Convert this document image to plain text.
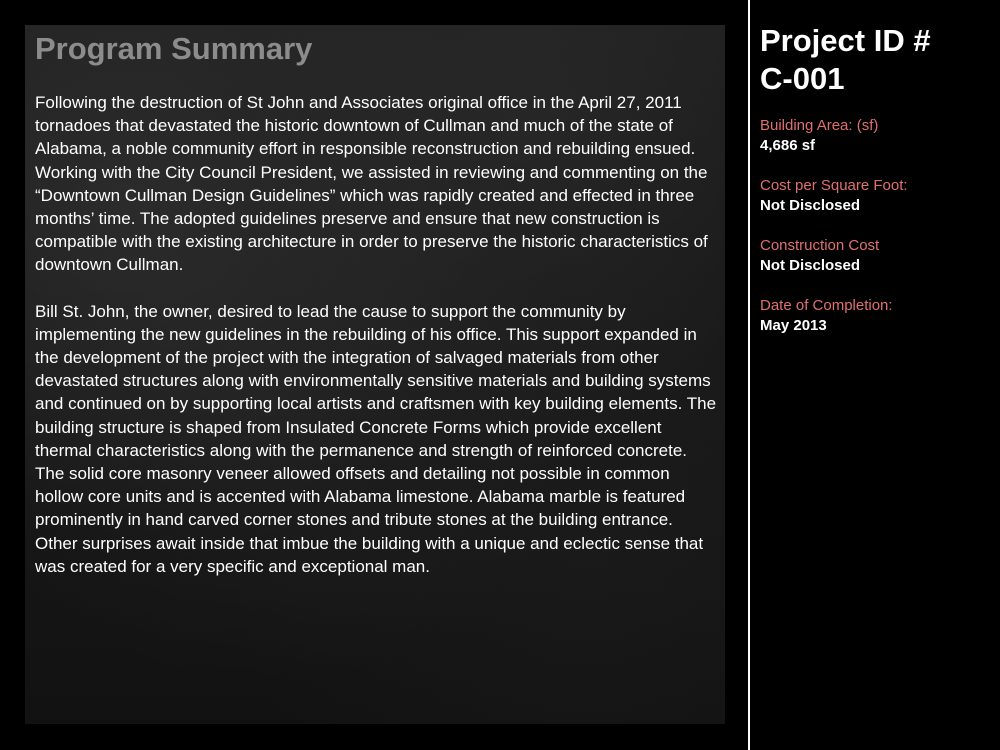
Program Summary

Following the destruction of St John and Associates original office in the April 27, 2011 tornadoes that devastated the historic downtown of Cullman and much of the state of Alabama, a noble community effort in responsible reconstruction and rebuilding ensued. Working with the City Council President, we assisted in reviewing and commenting on the “Downtown Cullman Design Guidelines” which was rapidly created and effected in three months’ time. The adopted guidelines preserve and ensure that new construction is compatible with the existing architecture in order to preserve the historic characteristics of downtown Cullman.

Bill St. John, the owner, desired to lead the cause to support the community by implementing the new guidelines in the rebuilding of his office. This support expanded in the development of the project with the integration of salvaged materials from other devastated structures along with environmentally sensitive materials and building systems and continued on by supporting local artists and craftsmen with key building elements. The building structure is shaped from Insulated Concrete Forms which provide excellent thermal characteristics along with the permanence and strength of reinforced concrete. The solid core masonry veneer allowed offsets and detailing not possible in common hollow core units and is accented with Alabama limestone. Alabama marble is featured prominently in hand carved corner stones and tribute stones at the building entrance. Other surprises await inside that imbue the building with a unique and eclectic sense that was created for a very specific and exceptional man.

Project ID #
C-001
Building Area: (sf)
4,686 sf
Cost per Square Foot:
Not Disclosed
Construction Cost
Not Disclosed
Date of Completion:
May 2013
